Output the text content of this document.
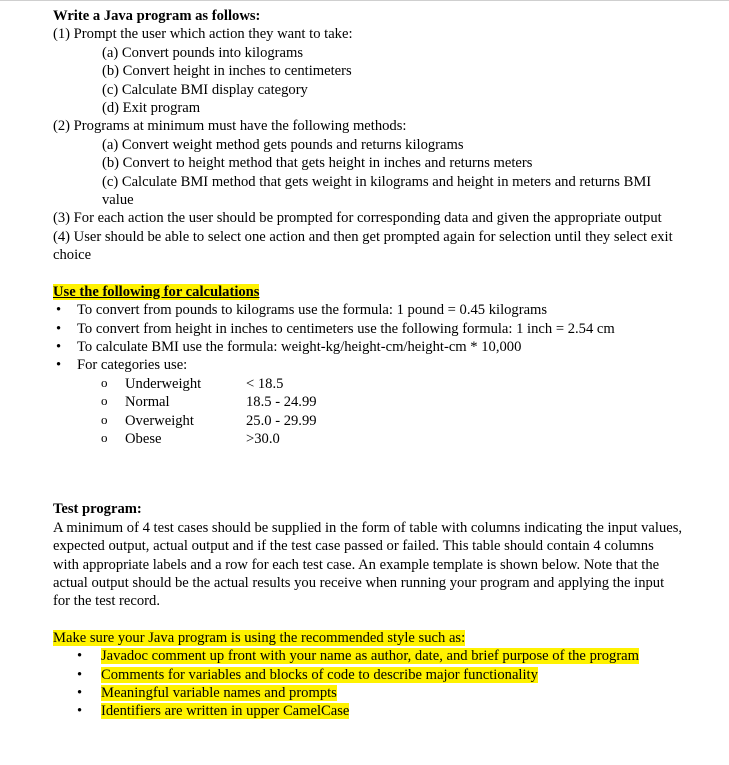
Write a Java program as follows:
(1) Prompt the user which action they want to take:
(a) Convert pounds into kilograms
(b) Convert height in inches to centimeters
(c) Calculate BMI display category
(d) Exit program
(2) Programs at minimum must have the following methods:
(a) Convert weight method gets pounds and returns kilograms
(b) Convert to height method that gets height in inches and returns meters
(c) Calculate BMI method that gets weight in kilograms and height in meters and returns BMI value
(3) For each action the user should be prompted for corresponding data and given the appropriate output
(4) User should be able to select one action and then get prompted again for selection until they select exit choice
Use the following for calculations
• To convert from pounds to kilograms use the formula: 1 pound = 0.45 kilograms
• To convert from height in inches to centimeters use the following formula: 1 inch = 2.54 cm
• To calculate BMI use the formula: weight-kg/height-cm/height-cm * 10,000
• For categories use:
o Underweight	< 18.5
o Normal	18.5 - 24.99
o Overweight	25.0 - 29.99
o Obese	>30.0
Test program:
A minimum of 4 test cases should be supplied in the form of table with columns indicating the input values, expected output, actual output and if the test case passed or failed. This table should contain 4 columns with appropriate labels and a row for each test case. An example template is shown below. Note that the actual output should be the actual results you receive when running your program and applying the input for the test record.
Make sure your Java program is using the recommended style such as:
• Javadoc comment up front with your name as author, date, and brief purpose of the program
• Comments for variables and blocks of code to describe major functionality
• Meaningful variable names and prompts
• Identifiers are written in upper CamelCase
